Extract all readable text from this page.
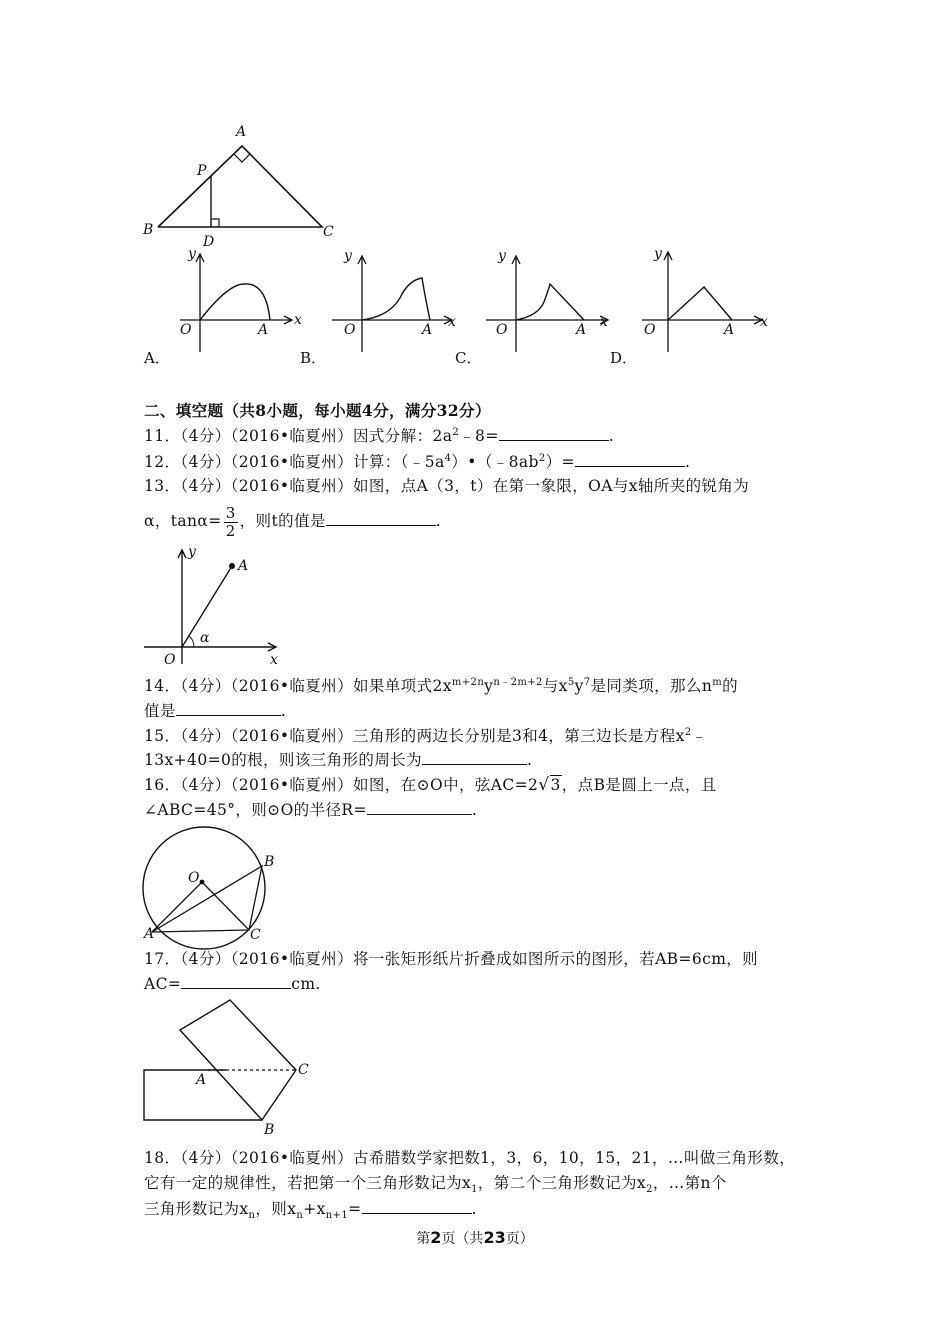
A
P
B
D
C
y
O	A
x
y
O	A x
y
O	A x
y
O	A x
A．	B．	C．	D．
二、填空题（共8小题，每小题4分，满分32分）
11．（4分）（2016•临夏州）因式分解：$2a^2﹣8=$	.
12．（4分）（2016•临夏州）计算：$(﹣5a^4)•(﹣8ab^2)=$	.
13．（4分）（2016•临夏州）如图，点A（3，t）在第一象限，OA与x轴所夹的锐角为
α，$\tan\alpha= \frac{3}{2}$ ，则t的值是	.
y
A
O
α
x
14．（4分）（2016•临夏州）如果单项式$2x^{m+2n}y^{n﹣2m+2}$与$x^5y^7$是同类项，那么$n^m$的
值是	.
15．（4分）（2016•临夏州）三角形的两边长分别是3和4，第三边长是方程$x^2﹣$
13x+40=0的根，则该三角形的周长为	.
16．（4分）（2016•临夏州）如图，在⊙O中，弦AC=2√3，点B是圆上一点，且
∠ABC=45°，则⊙O的半径R=	.
O
B
A	C
17．（4分）（2016•临夏州）将一张矩形纸片折叠成如图所示的图形，若AB=6cm，则
AC=	cm.
A
C
B
18．（4分）（2016•临夏州）古希腊数学家把数1，3，6，10，15，21，…叫做三角形数，
它有一定的规律性，若把第一个三角形数记为$x_1$，第二个三角形数记为$x_2$，…第n个
三角形数记为$x_n$，则$x_n+x_{n+1}=$	.
第2页（共23页）
